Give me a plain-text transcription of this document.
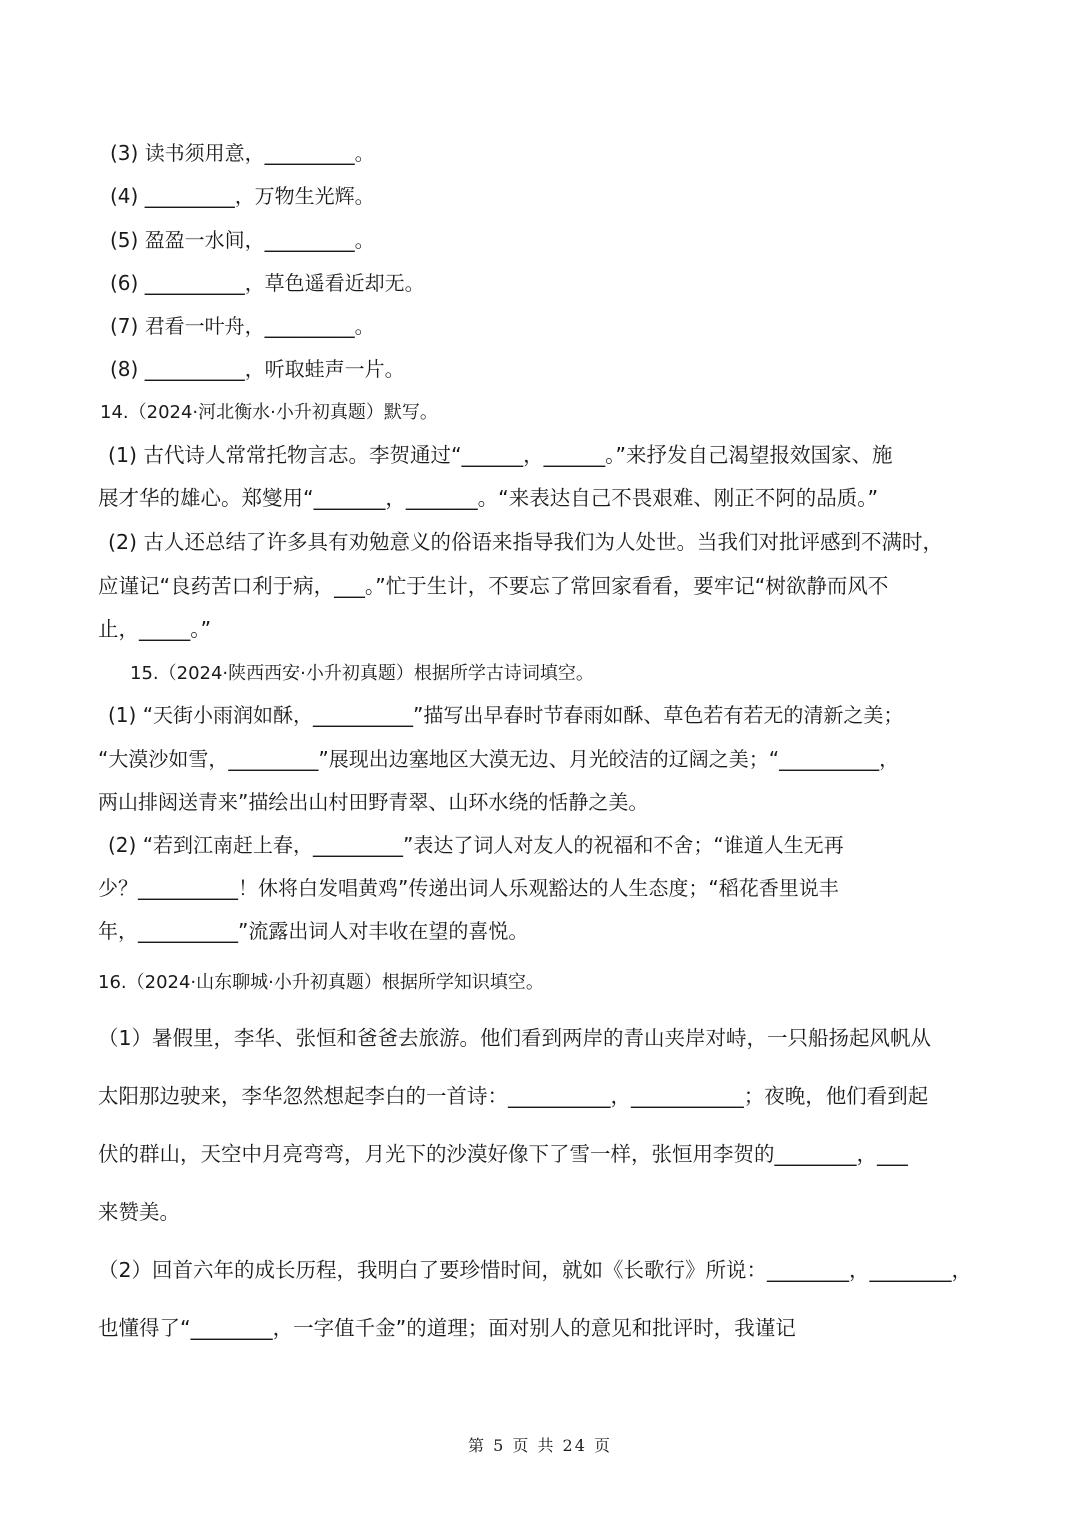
(3) 读书须用意，_________。
(4) _________，万物生光辉。
(5) 盈盈一水间，_________。
(6) __________，草色遥看近却无。
(7) 君看一叶舟，_________。
(8) __________，听取蛙声一片。
14.（2024·河北衡水·小升初真题）默写。
(1) 古代诗人常常托物言志。李贺通过“______，______。”来抒发自己渴望报效国家、施
展才华的雄心。郑燮用“_______，_______。“来表达自己不畏艰难、刚正不阿的品质。”
(2) 古人还总结了许多具有劝勉意义的俗语来指导我们为人处世。当我们对批评感到不满时，
应谨记“良药苦口利于病，___。”忙于生计，不要忘了常回家看看，要牢记“树欲静而风不
止，_____。”
15.（2024·陕西西安·小升初真题）根据所学古诗词填空。
(1) “天街小雨润如酥，__________”描写出早春时节春雨如酥、草色若有若无的清新之美；
“大漠沙如雪，_________”展现出边塞地区大漠无边、月光皎洁的辽阔之美；“__________，
两山排闼送青来”描绘出山村田野青翠、山环水绕的恬静之美。
(2) “若到江南赶上春，_________”表达了词人对友人的祝福和不舍；“谁道人生无再
少？__________！休将白发唱黄鸡”传递出词人乐观豁达的人生态度；“稻花香里说丰
年，__________”流露出词人对丰收在望的喜悦。
16.（2024·山东聊城·小升初真题）根据所学知识填空。
（1）暑假里，李华、张恒和爸爸去旅游。他们看到两岸的青山夹岸对峙，一只船扬起风帆从
太阳那边驶来，李华忽然想起李白的一首诗：__________，___________；夜晚，他们看到起
伏的群山，天空中月亮弯弯，月光下的沙漠好像下了雪一样，张恒用李贺的________，___
来赞美。
（2）回首六年的成长历程，我明白了要珍惜时间，就如《长歌行》所说：________，________，
也懂得了“________，一字值千金”的道理；面对别人的意见和批评时，我谨记
第 5 页 共 24 页
